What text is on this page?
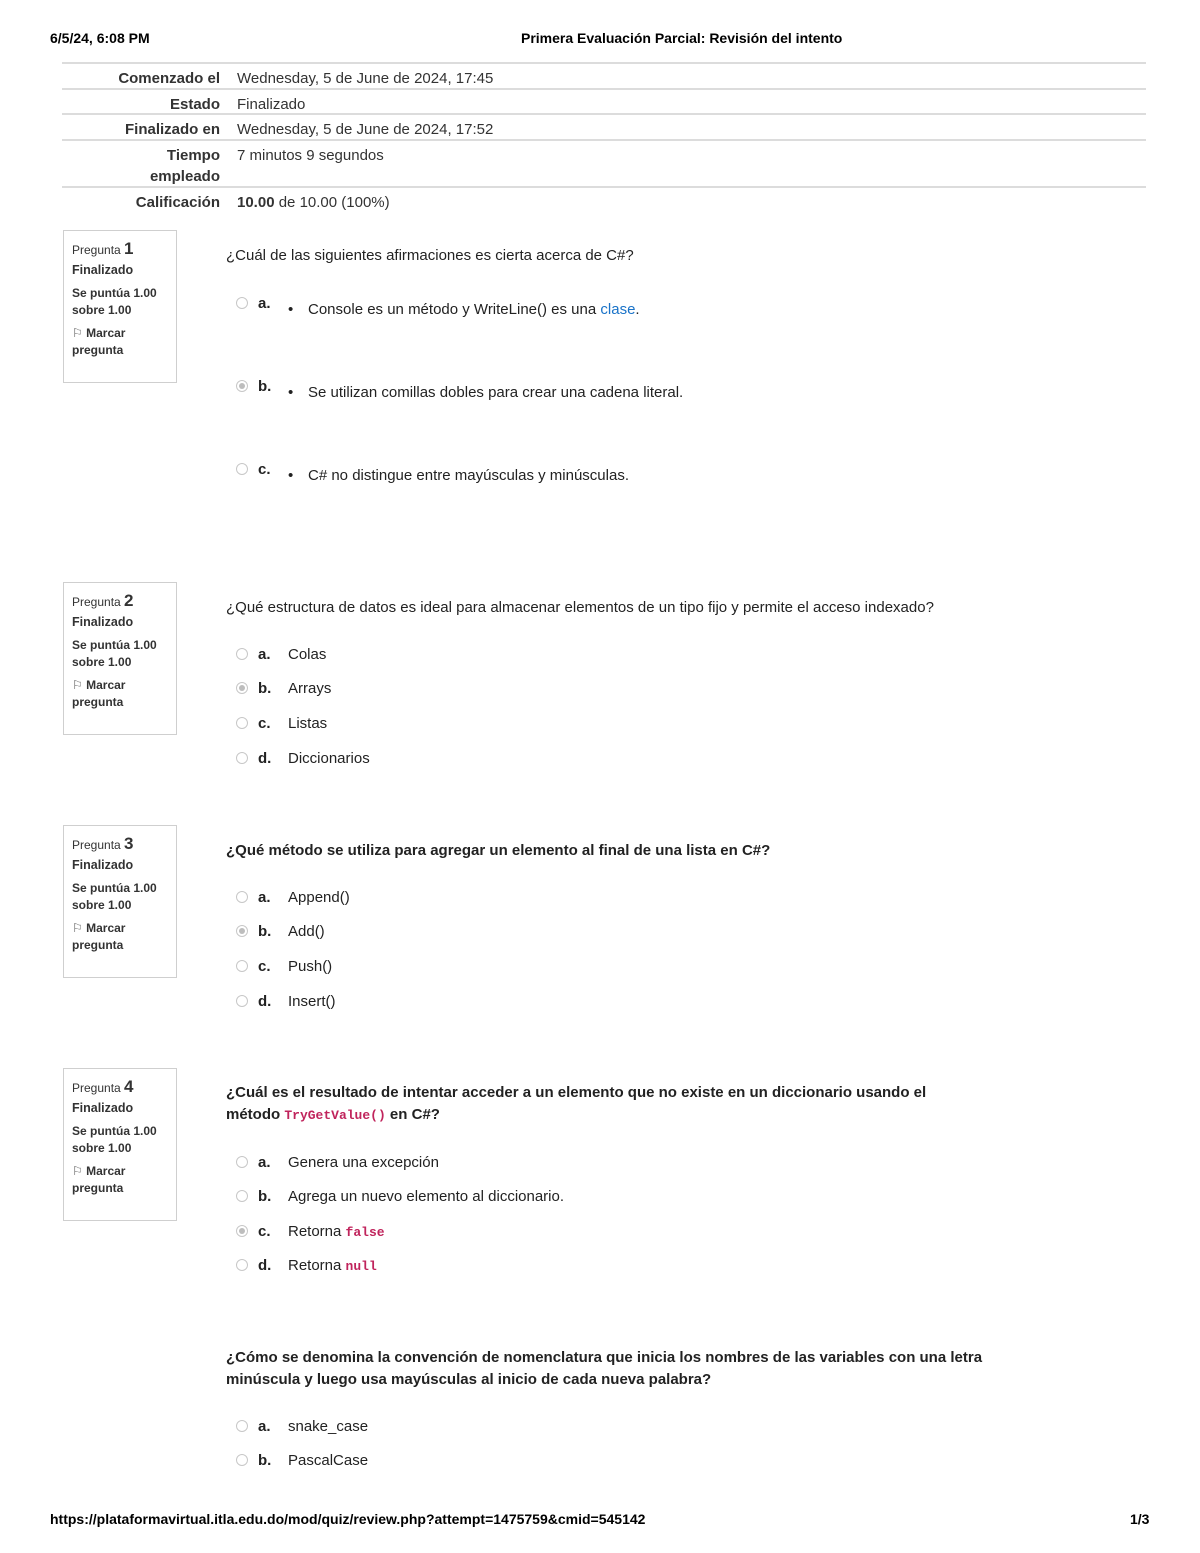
6/5/24, 6:08 PM	Primera Evaluación Parcial: Revisión del intento
Comenzado el Wednesday, 5 de June de 2024, 17:45
Estado Finalizado
Finalizado en Wednesday, 5 de June de 2024, 17:52
Tiempo
empleado
7 minutos 9 segundos
Calificación 10.00 de 10.00 (100%)
Pregunta 1
Finalizado
Se puntúa 1.00
sobre 1.00
⚐ Marcar
pregunta
¿Cuál de las siguientes afirmaciones es cierta acerca de C#?
a. • Console es un método y WriteLine() es una clase.
b. • Se utilizan comillas dobles para crear una cadena literal.
c. • C# no distingue entre mayúsculas y minúsculas.
Pregunta 2
Finalizado
Se puntúa 1.00
sobre 1.00
⚐ Marcar
pregunta
¿Qué estructura de datos es ideal para almacenar elementos de un tipo fijo y permite el acceso indexado?
a. Colas
b. Arrays
c. Listas
d. Diccionarios
Pregunta 3
Finalizado
Se puntúa 1.00
sobre 1.00
⚐ Marcar
pregunta
¿Qué método se utiliza para agregar un elemento al final de una lista en C#?
a. Append()
b. Add()
c. Push()
d. Insert()
Pregunta 4
Finalizado
Se puntúa 1.00
sobre 1.00
⚐ Marcar
pregunta
¿Cuál es el resultado de intentar acceder a un elemento que no existe en un diccionario usando el
método TryGetValue() en C#?
a. Genera una excepción
b. Agrega un nuevo elemento al diccionario.
c. Retorna false
d. Retorna null
¿Cómo se denomina la convención de nomenclatura que inicia los nombres de las variables con una letra
minúscula y luego usa mayúsculas al inicio de cada nueva palabra?
a. snake_case
b. PascalCase
https://plataformavirtual.itla.edu.do/mod/quiz/review.php?attempt=1475759&cmid=545142	1/3
